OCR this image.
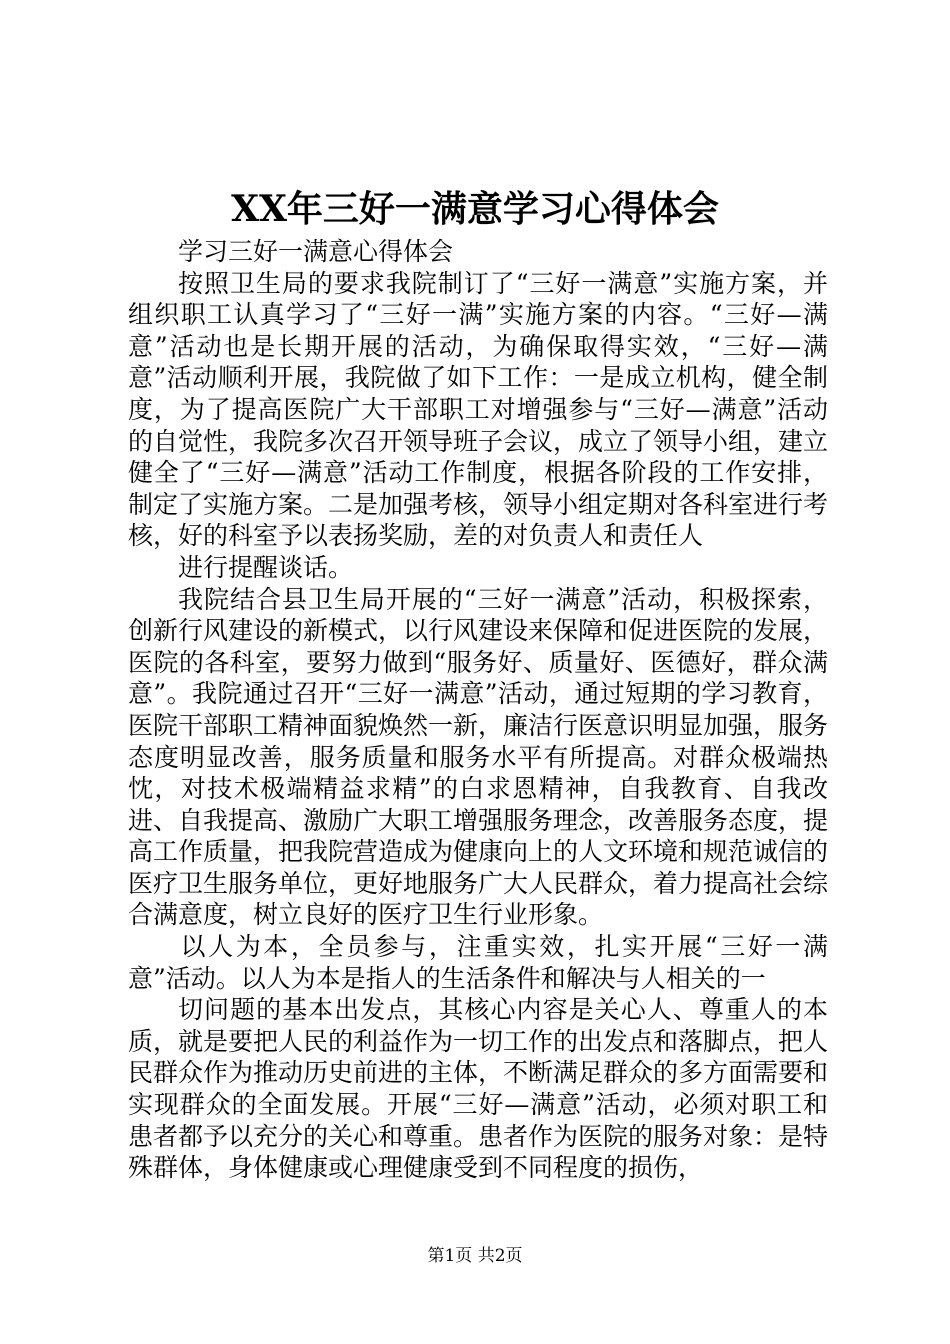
XX年三好一满意学习心得体会

学习三好一满意心得体会

按照卫生局的要求我院制订了“三好一满意”实施方案，并组织职工认真学习了“三好一满”实施方案的内容。“三好—满意”活动也是长期开展的活动，为确保取得实效，“三好—满意”活动顺利开展，我院做了如下工作：一是成立机构，健全制度，为了提高医院广大干部职工对增强参与“三好—满意”活动的自觉性，我院多次召开领导班子会议，成立了领导小组，建立健全了“三好—满意”活动工作制度，根据各阶段的工作安排，制定了实施方案。二是加强考核，领导小组定期对各科室进行考核，好的科室予以表扬奖励，差的对负责人和责任人

进行提醒谈话。

我院结合县卫生局开展的“三好一满意”活动，积极探索，创新行风建设的新模式，以行风建设来保障和促进医院的发展，医院的各科室，要努力做到“服务好、质量好、医德好，群众满意”。我院通过召开“三好一满意”活动，通过短期的学习教育，医院干部职工精神面貌焕然一新，廉洁行医意识明显加强，服务态度明显改善，服务质量和服务水平有所提高。对群众极端热忱，对技术极端精益求精”的白求恩精神，自我教育、自我改进、自我提高、激励广大职工增强服务理念，改善服务态度，提高工作质量，把我院营造成为健康向上的人文环境和规范诚信的医疗卫生服务单位，更好地服务广大人民群众，着力提高社会综合满意度，树立良好的医疗卫生行业形象。

以人为本，全员参与，注重实效，扎实开展“三好一满意”活动。以人为本是指人的生活条件和解决与人相关的一

切问题的基本出发点，其核心内容是关心人、尊重人的本质，就是要把人民的利益作为一切工作的出发点和落脚点，把人民群众作为推动历史前进的主体，不断满足群众的多方面需要和实现群众的全面发展。开展“三好—满意”活动，必须对职工和患者都予以充分的关心和尊重。患者作为医院的服务对象：是特殊群体，身体健康或心理健康受到不同程度的损伤，

第1页 共2页
